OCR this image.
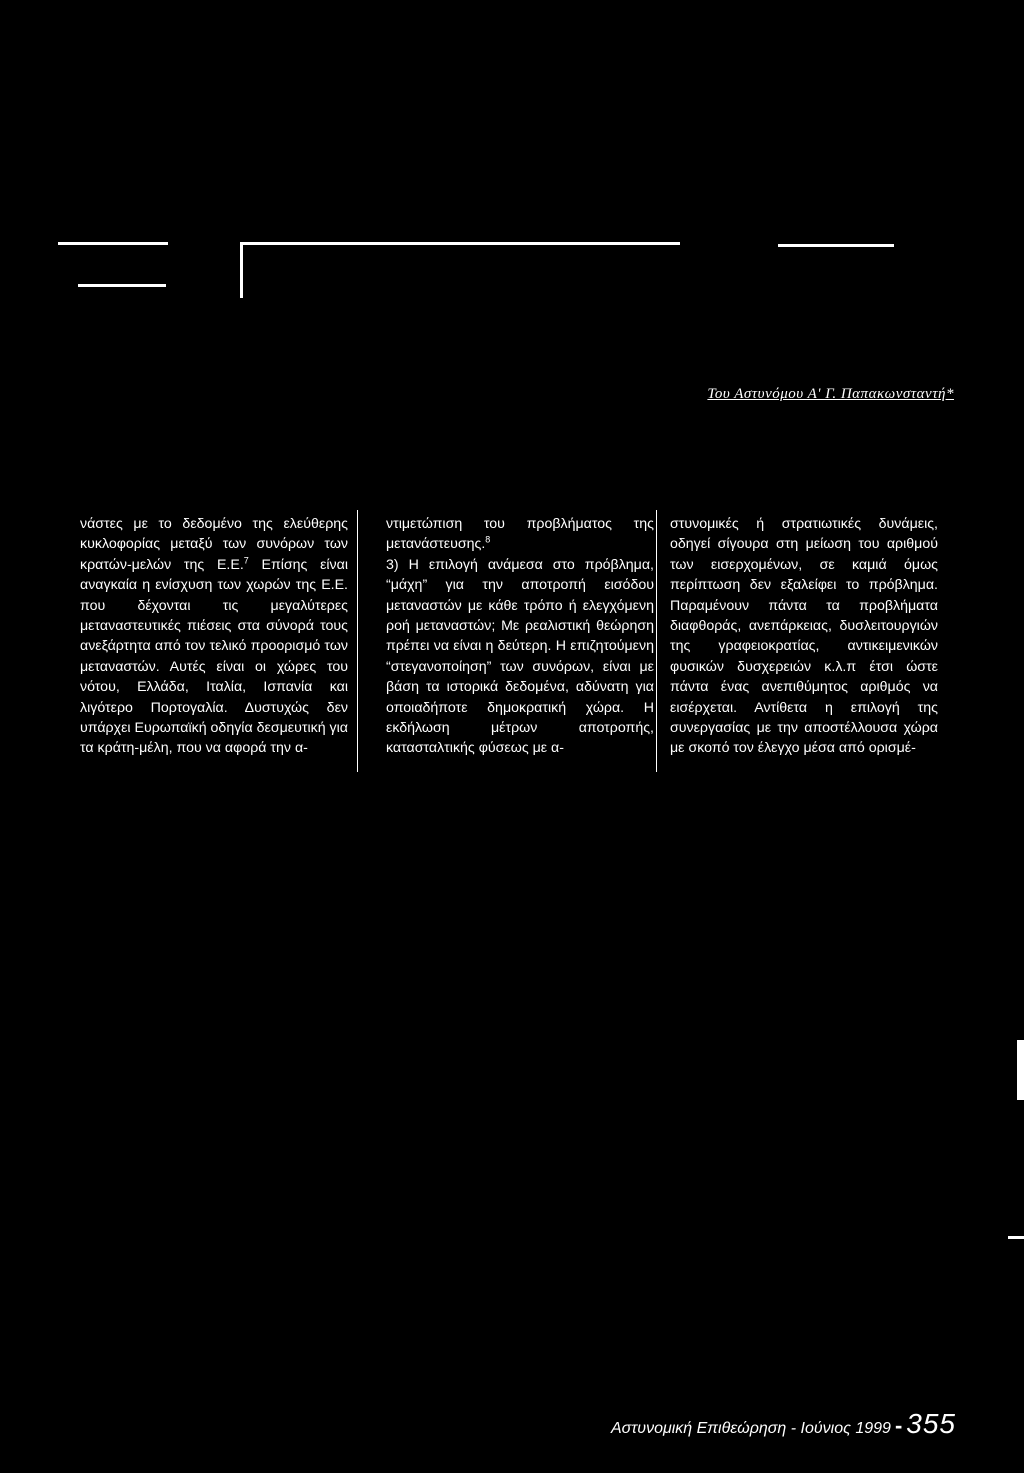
Του Αστυνόμου Α' Γ. Παπακωνσταντή*

νάστες με το δεδομένο της ελεύθερης κυκλοφορίας μεταξύ των συνόρων των κρατών-μελών της Ε.Ε.$^7$ Επίσης είναι αναγκαία η ενίσχυση των χωρών της Ε.Ε. που δέχονται τις μεγαλύτερες μεταναστευτικές πιέσεις στα σύνορά τους ανεξάρτητα από τον τελικό προορισμό των μεταναστών. Αυτές είναι οι χώρες του νότου, Ελλάδα, Ιταλία, Ισπανία και λιγότερο Πορτογαλία. Δυστυχώς δεν υπάρχει Ευρωπαϊκή οδηγία δεσμευτική για τα κράτη-μέλη, που να αφορά την α-

ντιμετώπιση του προβλήματος της μετανάστευσης.$^8$

3) Η επιλογή ανάμεσα στο πρόβλημα, “μάχη” για την αποτροπή εισόδου μεταναστών με κάθε τρόπο ή ελεγχόμενη ροή μεταναστών; Με ρεαλιστική θεώρηση πρέπει να είναι η δεύτερη. Η επιζητούμενη “στεγανοποίηση” των συνόρων, είναι με βάση τα ιστορικά δεδομένα, αδύνατη για οποιαδήποτε δημοκρατική χώρα. Η εκδήλωση μέτρων αποτροπής, κατασταλτικής φύσεως με α-

στυνομικές ή στρατιωτικές δυνάμεις, οδηγεί σίγουρα στη μείωση του αριθμού των εισερχομένων, σε καμιά όμως περίπτωση δεν εξαλείφει το πρόβλημα. Παραμένουν πάντα τα προβλήματα διαφθοράς, ανεπάρκειας, δυσλειτουργιών της γραφειοκρατίας, αντικειμενικών φυσικών δυσχερειών κ.λ.π έτσι ώστε πάντα ένας ανεπιθύμητος αριθμός να εισέρχεται. Αντίθετα η επιλογή της συνεργασίας με την αποστέλλουσα χώρα με σκοπό τον έλεγχο μέσα από ορισμέ-

Αστυνομική Επιθεώρηση - Ιούνιος 1999 - 355
